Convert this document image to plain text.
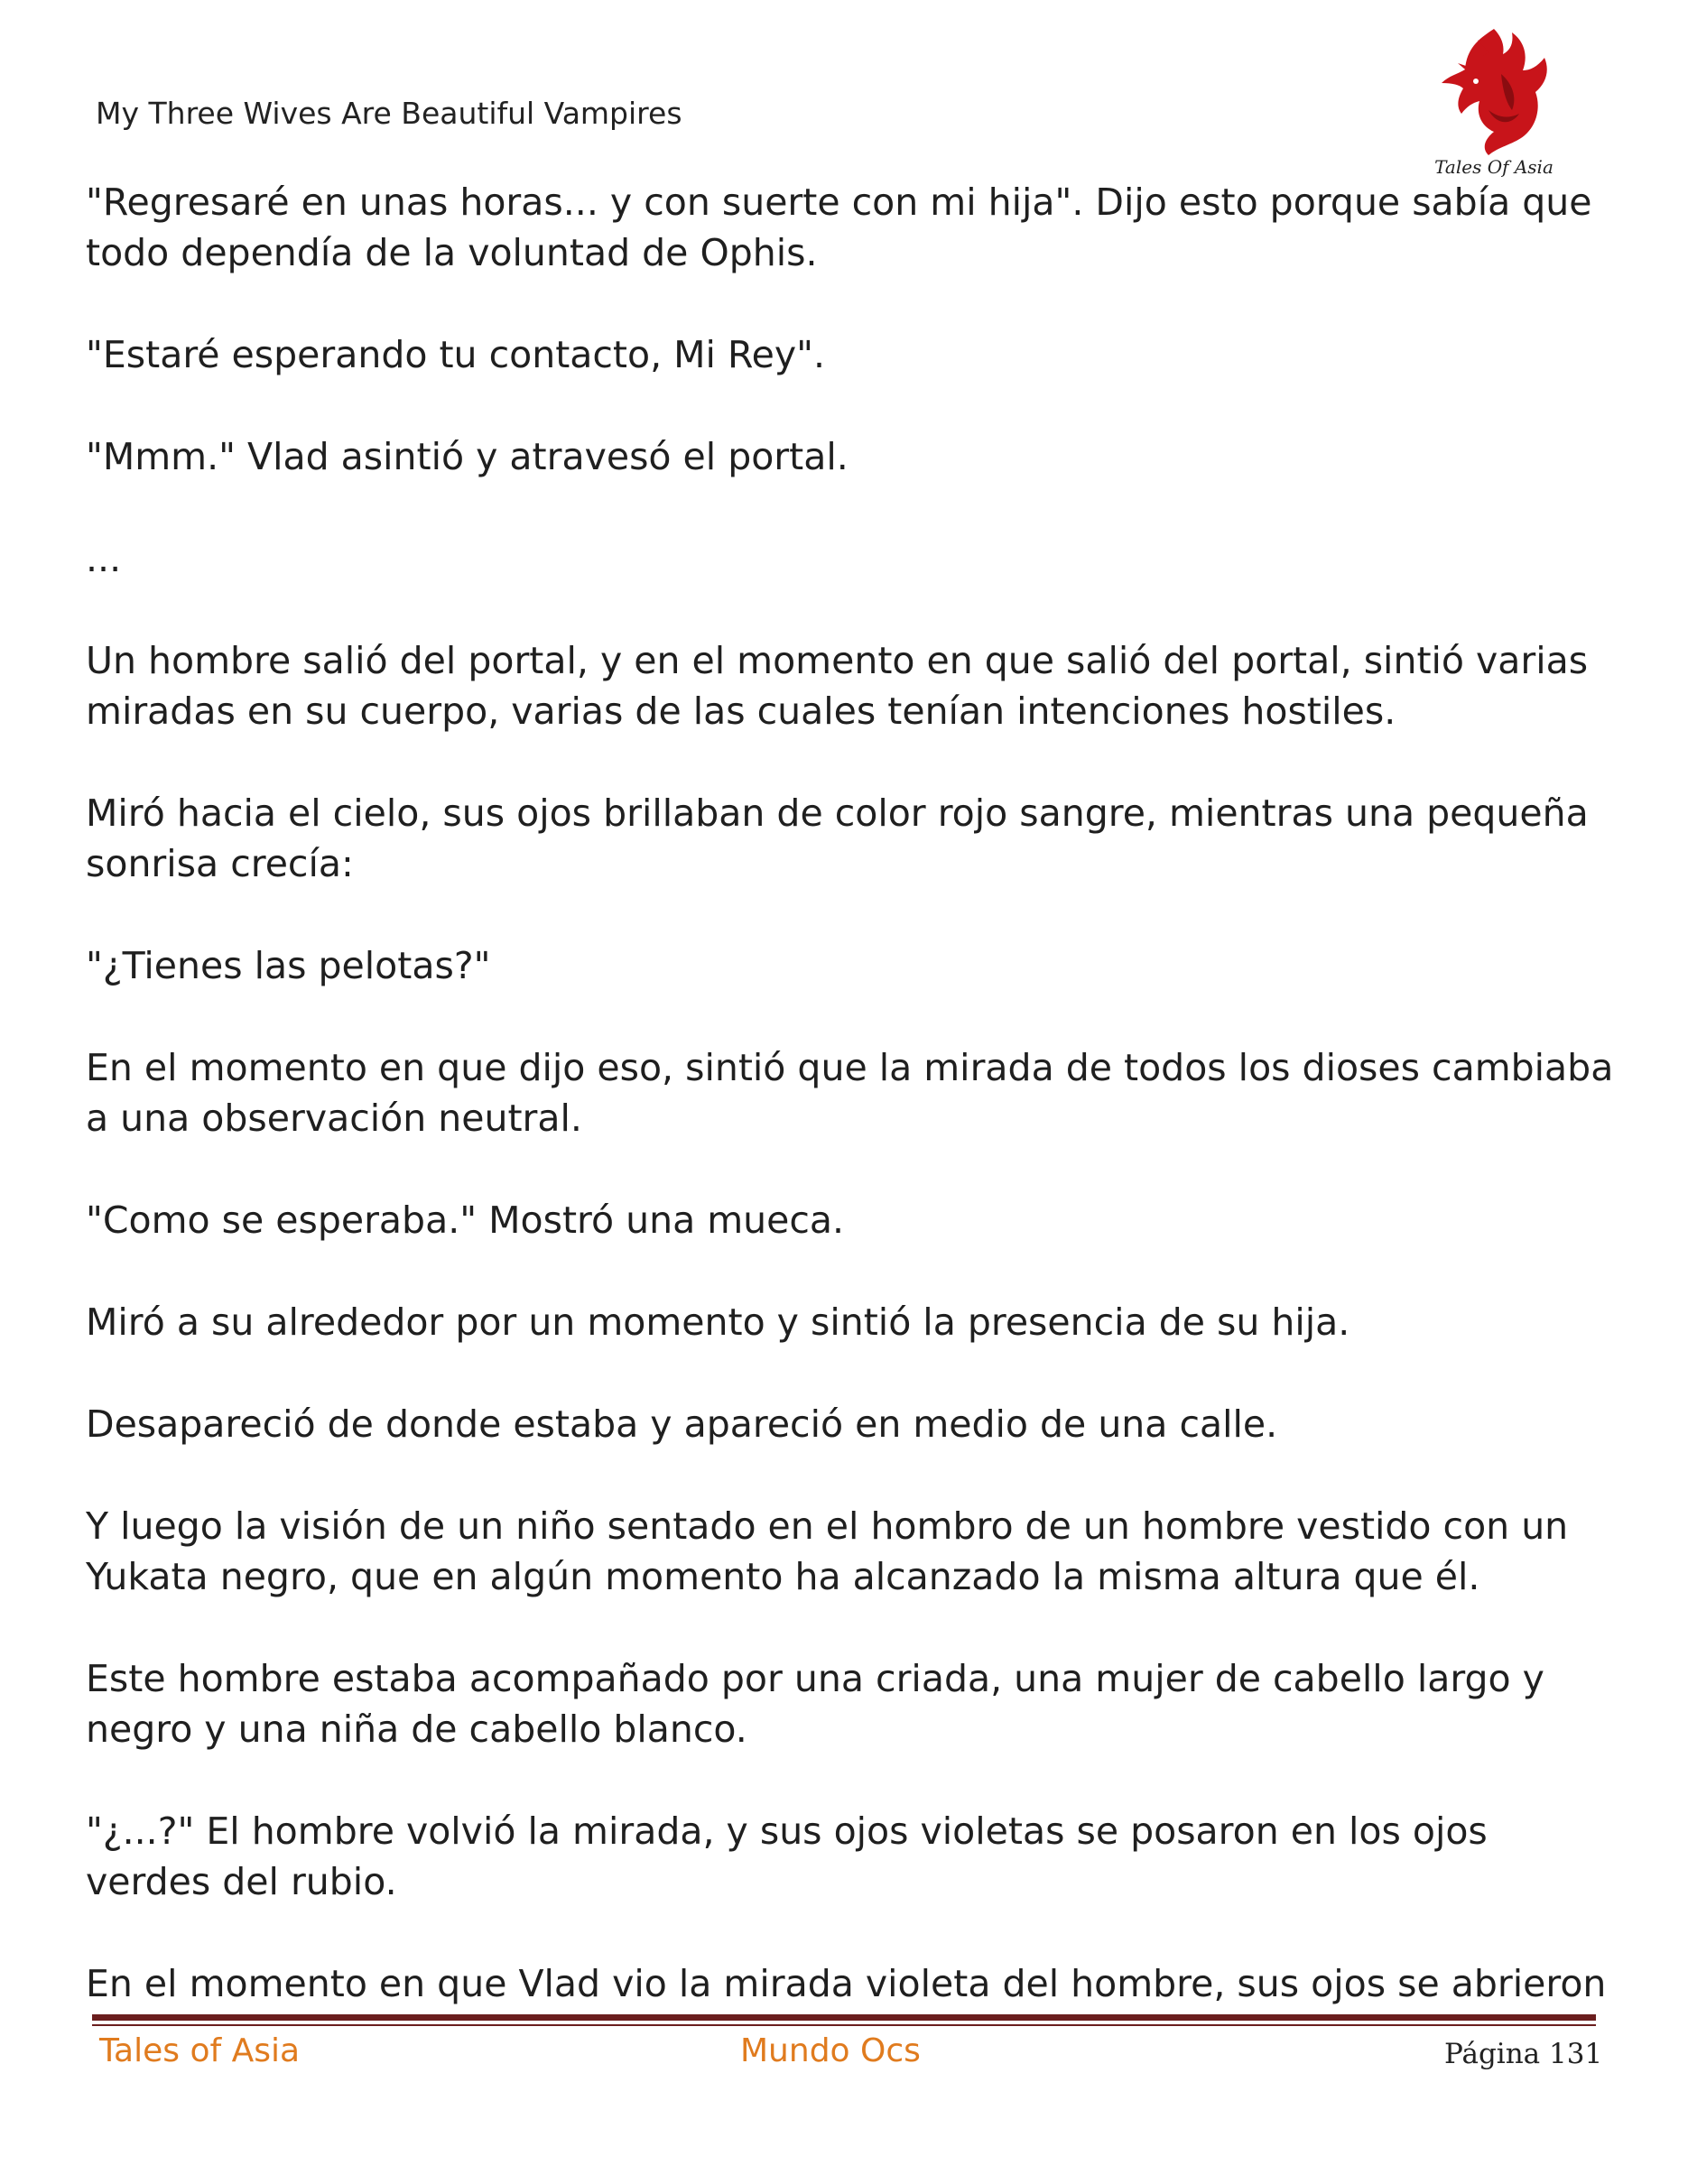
My Three Wives Are Beautiful Vampires
Tales Of Asia

"Regresaré en unas horas... y con suerte con mi hija". Dijo esto porque sabía que todo dependía de la voluntad de Ophis.

"Estaré esperando tu contacto, Mi Rey".

"Mmm." Vlad asintió y atravesó el portal.

...

Un hombre salió del portal, y en el momento en que salió del portal, sintió varias miradas en su cuerpo, varias de las cuales tenían intenciones hostiles.

Miró hacia el cielo, sus ojos brillaban de color rojo sangre, mientras una pequeña sonrisa crecía:

"¿Tienes las pelotas?"

En el momento en que dijo eso, sintió que la mirada de todos los dioses cambiaba a una observación neutral.

"Como se esperaba." Mostró una mueca.

Miró a su alrededor por un momento y sintió la presencia de su hija.

Desapareció de donde estaba y apareció en medio de una calle.

Y luego la visión de un niño sentado en el hombro de un hombre vestido con un Yukata negro, que en algún momento ha alcanzado la misma altura que él.

Este hombre estaba acompañado por una criada, una mujer de cabello largo y negro y una niña de cabello blanco.

"¿...?" El hombre volvió la mirada, y sus ojos violetas se posaron en los ojos verdes del rubio.

En el momento en que Vlad vio la mirada violeta del hombre, sus ojos se abrieron

Tales of Asia	Mundo Ocs	Página 131
